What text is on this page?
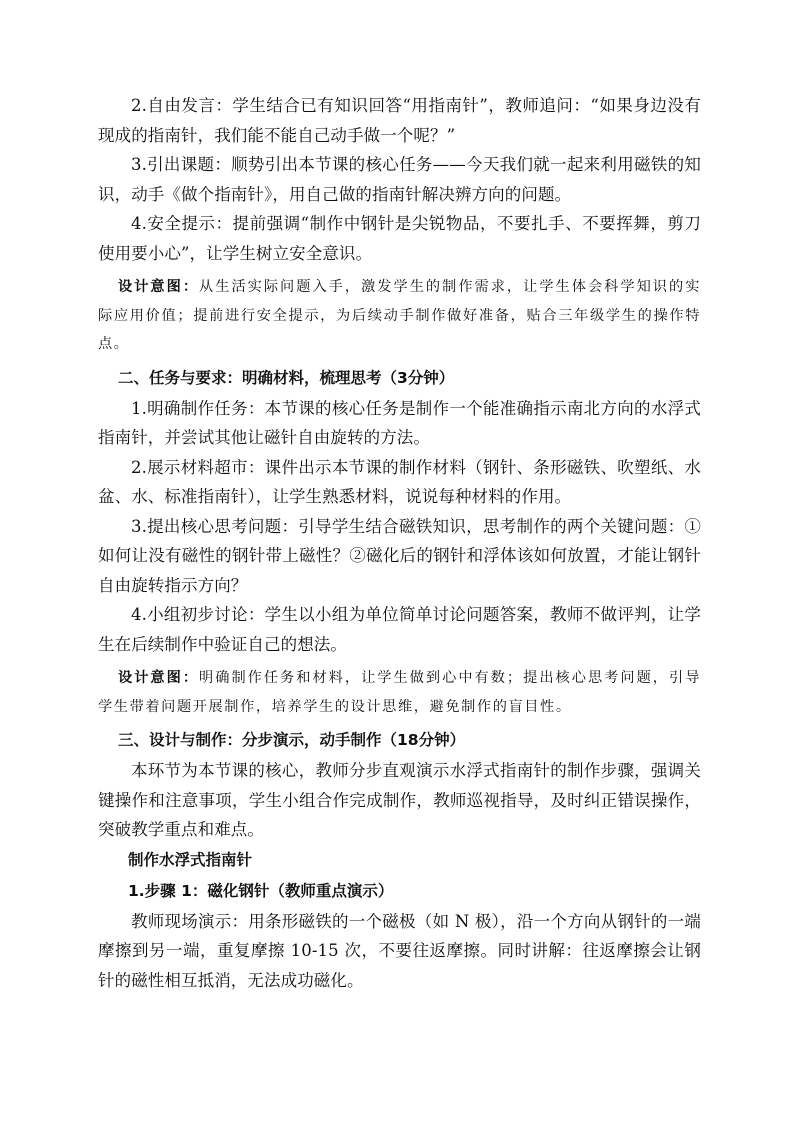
2.自由发言：学生结合已有知识回答“用指南针”，教师追问：“如果身边没有现成的指南针，我们能不能自己动手做一个呢？”

3.引出课题：顺势引出本节课的核心任务——今天我们就一起来利用磁铁的知识，动手《做个指南针》，用自己做的指南针解决辨方向的问题。

4.安全提示：提前强调“制作中钢针是尖锐物品，不要扎手、不要挥舞，剪刀使用要小心”，让学生树立安全意识。

设计意图：从生活实际问题入手，激发学生的制作需求，让学生体会科学知识的实际应用价值；提前进行安全提示，为后续动手制作做好准备，贴合三年级学生的操作特点。

二、任务与要求：明确材料，梳理思考（3分钟）

1.明确制作任务：本节课的核心任务是制作一个能准确指示南北方向的水浮式指南针，并尝试其他让磁针自由旋转的方法。

2.展示材料超市：课件出示本节课的制作材料（钢针、条形磁铁、吹塑纸、水盆、水、标准指南针），让学生熟悉材料，说说每种材料的作用。

3.提出核心思考问题：引导学生结合磁铁知识，思考制作的两个关键问题：①如何让没有磁性的钢针带上磁性？②磁化后的钢针和浮体该如何放置，才能让钢针自由旋转指示方向？

4.小组初步讨论：学生以小组为单位简单讨论问题答案，教师不做评判，让学生在后续制作中验证自己的想法。

设计意图：明确制作任务和材料，让学生做到心中有数；提出核心思考问题，引导学生带着问题开展制作，培养学生的设计思维，避免制作的盲目性。

三、设计与制作：分步演示，动手制作（18分钟）

本环节为本节课的核心，教师分步直观演示水浮式指南针的制作步骤，强调关键操作和注意事项，学生小组合作完成制作，教师巡视指导，及时纠正错误操作，突破教学重点和难点。

制作水浮式指南针

1.步骤 1：磁化钢针（教师重点演示）

教师现场演示：用条形磁铁的一个磁极（如 N 极），沿一个方向从钢针的一端摩擦到另一端，重复摩擦 10-15 次，不要往返摩擦。同时讲解：往返摩擦会让钢针的磁性相互抵消，无法成功磁化。
